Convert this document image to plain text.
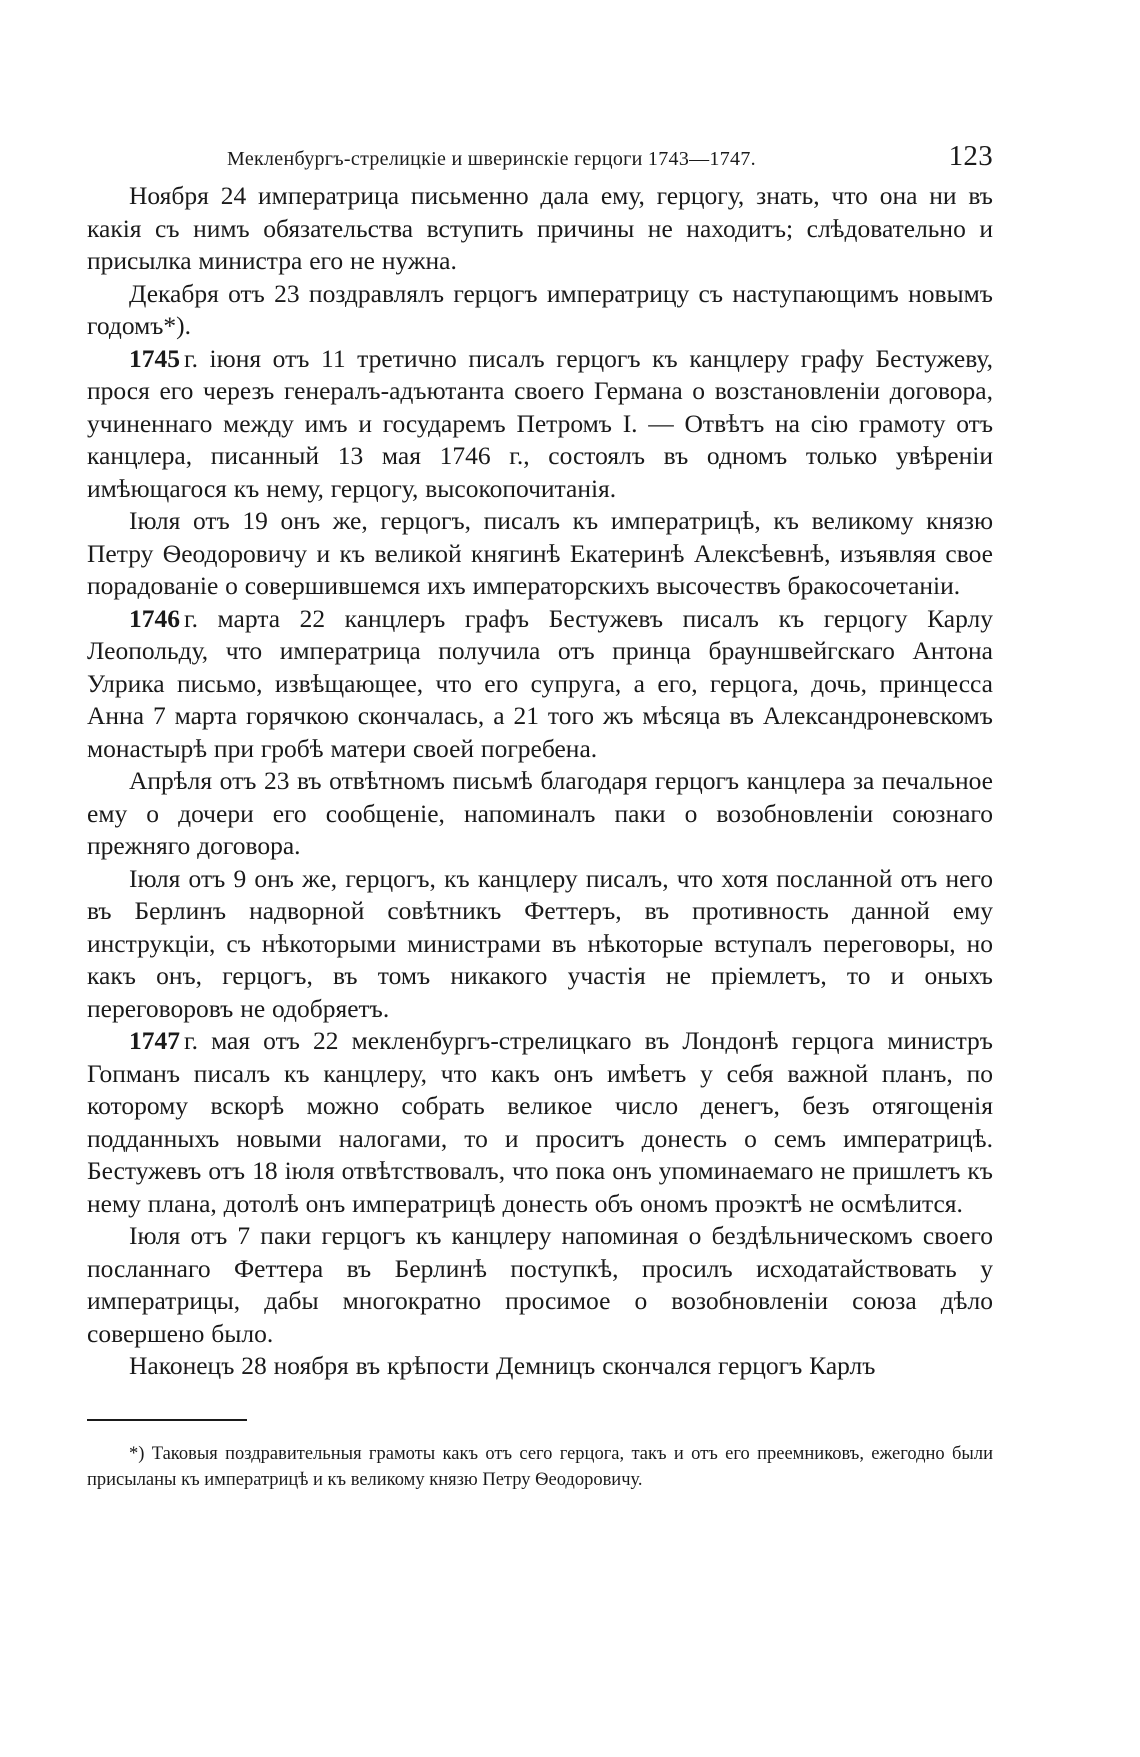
Мекленбургъ-стрелицкіе и шверинскіе герцоги 1743—1747.	123

Ноября 24 императрица письменно дала ему, герцогу, знать, что она ни въ какія съ нимъ обязательства вступить причины не находитъ; слѣдовательно и присылка министра его не нужна.

Декабря отъ 23 поздравлялъ герцогъ императрицу съ наступающимъ новымъ годомъ*).

1745 г. іюня отъ 11 третично писалъ герцогъ къ канцлеру графу Бестужеву, прося его черезъ генералъ-адъютанта своего Германа о возстановленіи договора, учиненнаго между имъ и государемъ Петромъ I. — Отвѣтъ на сію грамоту отъ канцлера, писанный 13 мая 1746 г., состоялъ въ одномъ только увѣреніи имѣющагося къ нему, герцогу, высокопочитанія.

Іюля отъ 19 онъ же, герцогъ, писалъ къ императрицѣ, къ великому князю Петру Ѳеодоровичу и къ великой княгинѣ Екатеринѣ Алексѣевнѣ, изъявляя свое порадованіе о совершившемся ихъ императорскихъ высочествъ бракосочетаніи.

1746 г. марта 22 канцлеръ графъ Бестужевъ писалъ къ герцогу Карлу Леопольду, что императрица получила отъ принца брауншвейгскаго Антона Улрика письмо, извѣщающее, что его супруга, а его, герцога, дочь, принцесса Анна 7 марта горячкою скончалась, а 21 того жъ мѣсяца въ Александроневскомъ монастырѣ при гробѣ матери своей погребена.

Апрѣля отъ 23 въ отвѣтномъ письмѣ благодаря герцогъ канцлера за печальное ему о дочери его сообщеніе, напоминалъ паки о возобновленіи союзнаго прежняго договора.

Іюля отъ 9 онъ же, герцогъ, къ канцлеру писалъ, что хотя посланной отъ него въ Берлинъ надворной совѣтникъ Феттеръ, въ противность данной ему инструкціи, съ нѣкоторыми министрами въ нѣкоторые вступалъ переговоры, но какъ онъ, герцогъ, въ томъ никакого участія не пріемлетъ, то и оныхъ переговоровъ не одобряетъ.

1747 г. мая отъ 22 мекленбургъ-стрелицкаго въ Лондонѣ герцога министръ Гопманъ писалъ къ канцлеру, что какъ онъ имѣетъ у себя важной планъ, по которому вскорѣ можно собрать великое число денегъ, безъ отягощенія подданныхъ новыми налогами, то и проситъ донесть о семъ императрицѣ. Бестужевъ отъ 18 іюля отвѣтствовалъ, что пока онъ упоминаемаго не пришлетъ къ нему плана, дотолѣ онъ императрицѣ донесть объ ономъ проэктѣ не осмѣлится.

Іюля отъ 7 паки герцогъ къ канцлеру напоминая о бездѣльническомъ своего посланнаго Феттера въ Берлинѣ поступкѣ, просилъ исходатайствовать у императрицы, дабы многократно просимое о возобновленіи союза дѣло совершено было.

Наконецъ 28 ноября въ крѣпости Демницъ скончался герцогъ Карлъ

*) Таковыя поздравительныя грамоты какъ отъ сего герцога, такъ и отъ его преемниковъ, ежегодно были присыланы къ императрицѣ и къ великому князю Петру Ѳеодоровичу.
